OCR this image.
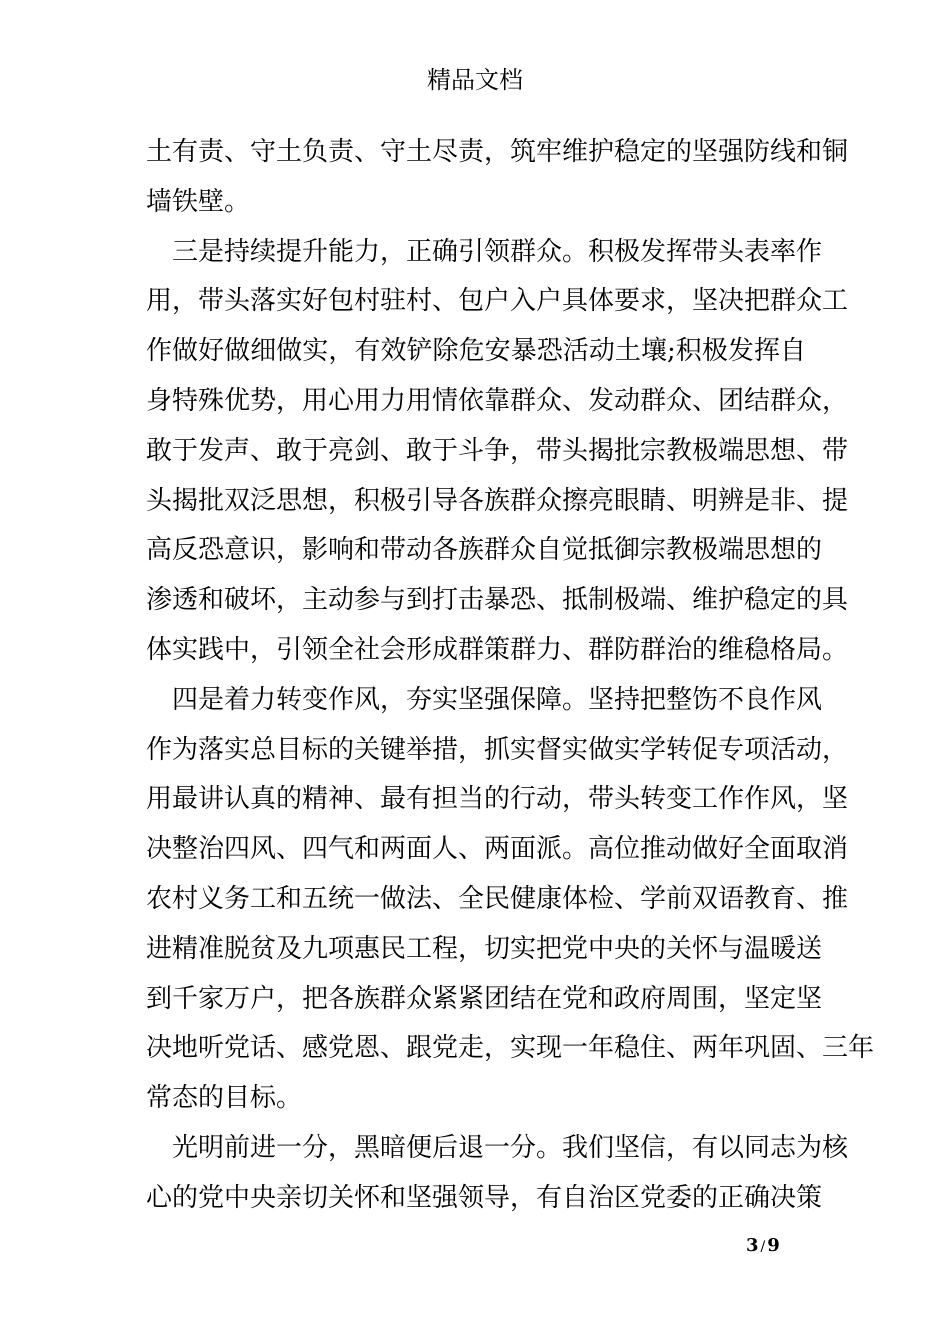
精品文档
土有责、守土负责、守土尽责，筑牢维护稳定的坚强防线和铜
墙铁壁。
三是持续提升能力，正确引领群众。积极发挥带头表率作
用，带头落实好包村驻村、包户入户具体要求，坚决把群众工
作做好做细做实，有效铲除危安暴恐活动土壤;积极发挥自
身特殊优势，用心用力用情依靠群众、发动群众、团结群众，
敢于发声、敢于亮剑、敢于斗争，带头揭批宗教极端思想、带
头揭批双泛思想，积极引导各族群众擦亮眼睛、明辨是非、提
高反恐意识，影响和带动各族群众自觉抵御宗教极端思想的
渗透和破坏，主动参与到打击暴恐、抵制极端、维护稳定的具
体实践中，引领全社会形成群策群力、群防群治的维稳格局。
四是着力转变作风，夯实坚强保障。坚持把整饬不良作风
作为落实总目标的关键举措，抓实督实做实学转促专项活动，
用最讲认真的精神、最有担当的行动，带头转变工作作风，坚
决整治四风、四气和两面人、两面派。高位推动做好全面取消
农村义务工和五统一做法、全民健康体检、学前双语教育、推
进精准脱贫及九项惠民工程，切实把党中央的关怀与温暖送
到千家万户，把各族群众紧紧团结在党和政府周围，坚定坚
决地听党话、感党恩、跟党走，实现一年稳住、两年巩固、三年
常态的目标。
光明前进一分，黑暗便后退一分。我们坚信，有以同志为核
心的党中央亲切关怀和坚强领导，有自治区党委的正确决策
3 / 9
